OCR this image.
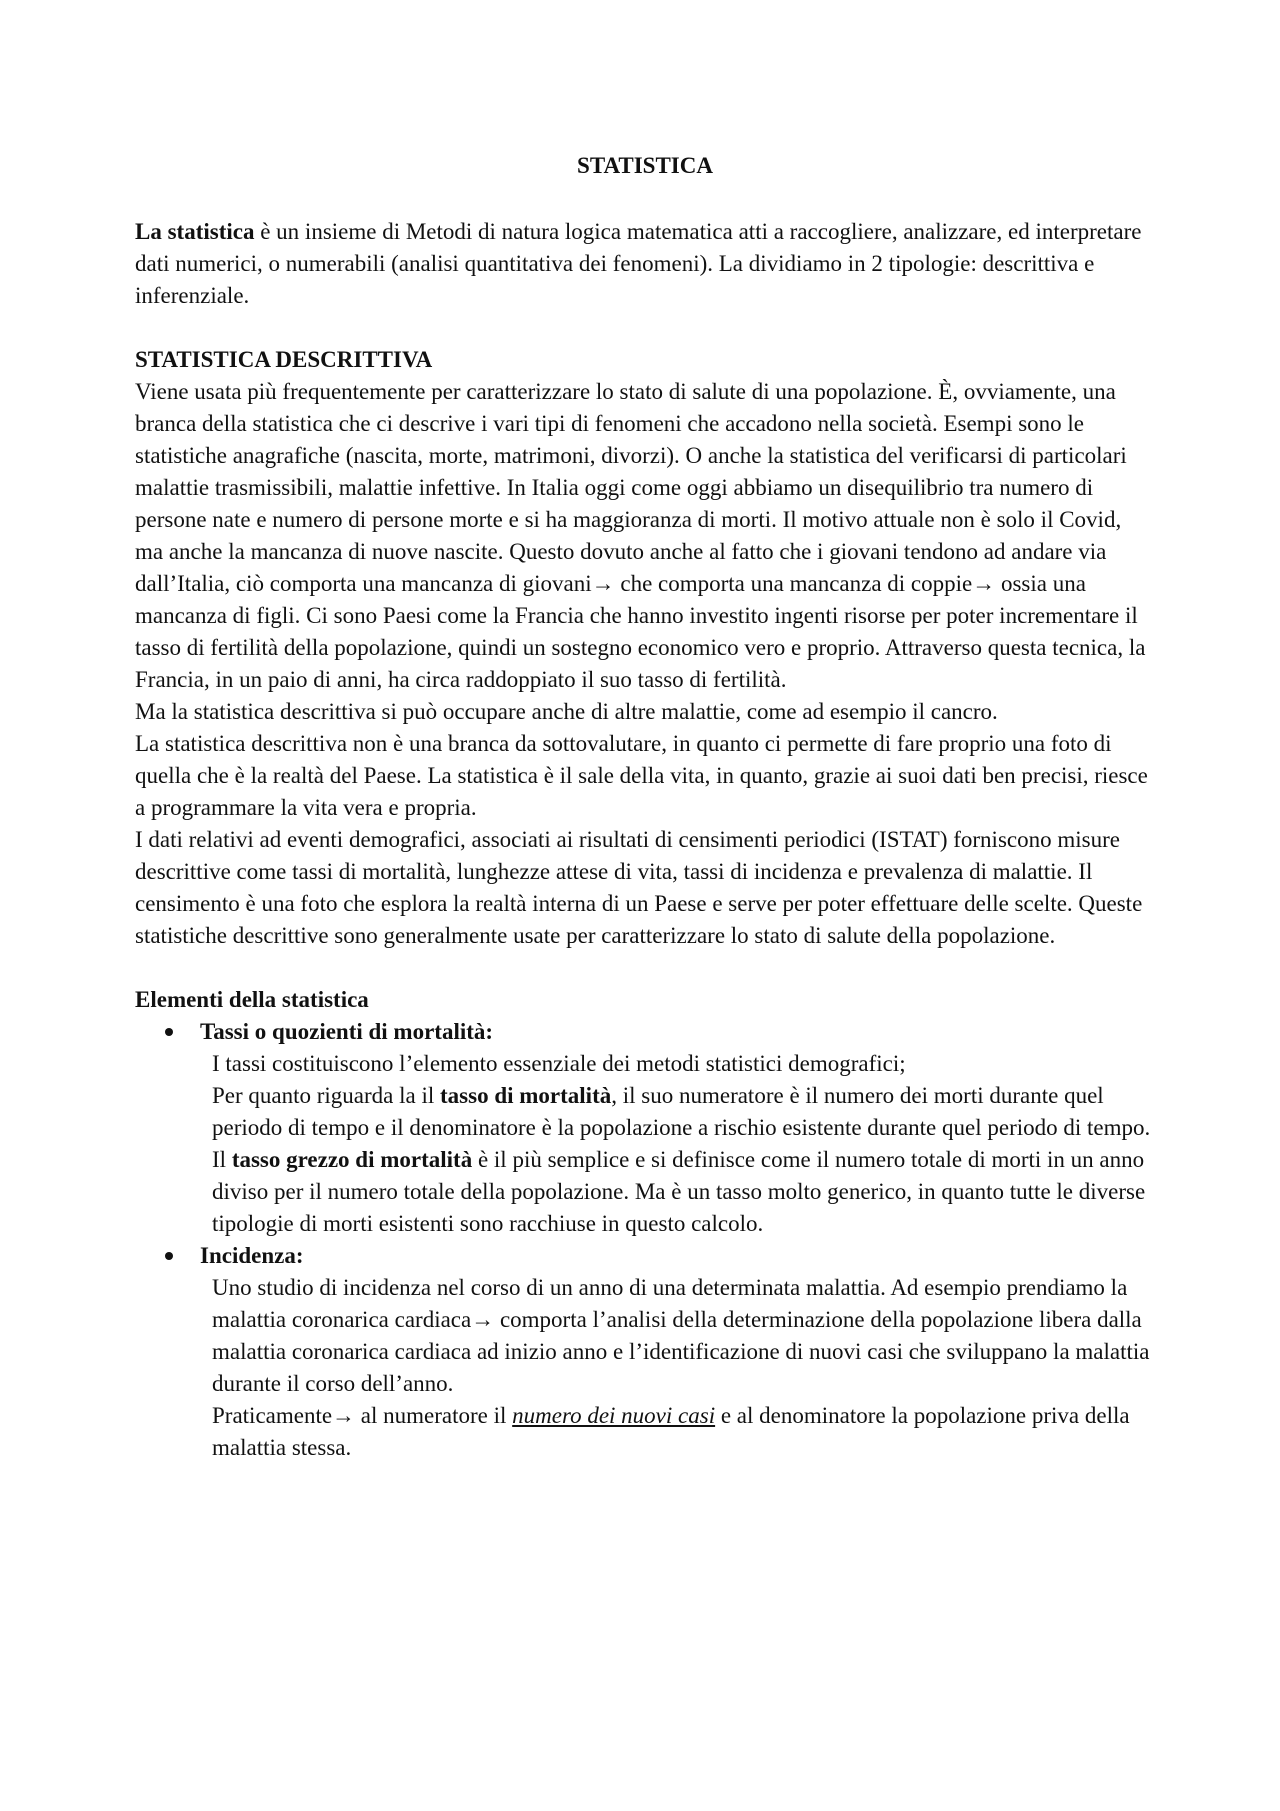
STATISTICA

La statistica è un insieme di Metodi di natura logica matematica atti a raccogliere, analizzare, ed interpretare dati numerici, o numerabili (analisi quantitativa dei fenomeni). La dividiamo in 2 tipologie: descrittiva e inferenziale.

STATISTICA DESCRITTIVA

Viene usata più frequentemente per caratterizzare lo stato di salute di una popolazione. È, ovviamente, una branca della statistica che ci descrive i vari tipi di fenomeni che accadono nella società. Esempi sono le statistiche anagrafiche (nascita, morte, matrimoni, divorzi). O anche la statistica del verificarsi di particolari malattie trasmissibili, malattie infettive. In Italia oggi come oggi abbiamo un disequilibrio tra numero di persone nate e numero di persone morte e si ha maggioranza di morti. Il motivo attuale non è solo il Covid, ma anche la mancanza di nuove nascite. Questo dovuto anche al fatto che i giovani tendono ad andare via dall’Italia, ciò comporta una mancanza di giovani→ che comporta una mancanza di coppie→ ossia una mancanza di figli. Ci sono Paesi come la Francia che hanno investito ingenti risorse per poter incrementare il tasso di fertilità della popolazione, quindi un sostegno economico vero e proprio. Attraverso questa tecnica, la Francia, in un paio di anni, ha circa raddoppiato il suo tasso di fertilità.

Ma la statistica descrittiva si può occupare anche di altre malattie, come ad esempio il cancro.

La statistica descrittiva non è una branca da sottovalutare, in quanto ci permette di fare proprio una foto di quella che è la realtà del Paese. La statistica è il sale della vita, in quanto, grazie ai suoi dati ben precisi, riesce a programmare la vita vera e propria.

I dati relativi ad eventi demografici, associati ai risultati di censimenti periodici (ISTAT) forniscono misure descrittive come tassi di mortalità, lunghezze attese di vita, tassi di incidenza e prevalenza di malattie. Il censimento è una foto che esplora la realtà interna di un Paese e serve per poter effettuare delle scelte. Queste statistiche descrittive sono generalmente usate per caratterizzare lo stato di salute della popolazione.

Elementi della statistica

Tassi o quozienti di mortalità:

I tassi costituiscono l’elemento essenziale dei metodi statistici demografici;

Per quanto riguarda la il tasso di mortalità, il suo numeratore è il numero dei morti durante quel periodo di tempo e il denominatore è la popolazione a rischio esistente durante quel periodo di tempo. Il tasso grezzo di mortalità è il più semplice e si definisce come il numero totale di morti in un anno diviso per il numero totale della popolazione. Ma è un tasso molto generico, in quanto tutte le diverse tipologie di morti esistenti sono racchiuse in questo calcolo.

Incidenza:

Uno studio di incidenza nel corso di un anno di una determinata malattia. Ad esempio prendiamo la malattia coronarica cardiaca→ comporta l’analisi della determinazione della popolazione libera dalla malattia coronarica cardiaca ad inizio anno e l’identificazione di nuovi casi che sviluppano la malattia durante il corso dell’anno.

Praticamente→ al numeratore il numero dei nuovi casi e al denominatore la popolazione priva della malattia stessa.
